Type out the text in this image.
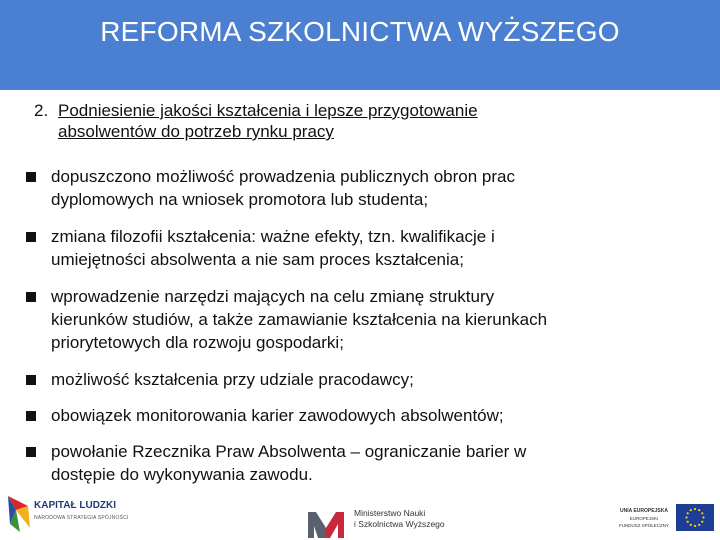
REFORMA SZKOLNICTWA WYŻSZEGO
2. Podniesienie jakości kształcenia i lepsze przygotowanie
absolwentów do potrzeb rynku pracy
dopuszczono możliwość prowadzenia publicznych obron prac
dyplomowych na wniosek promotora lub studenta;
zmiana filozofii kształcenia: ważne efekty, tzn. kwalifikacje i
umiejętności absolwenta a nie sam proces kształcenia;
wprowadzenie narzędzi mających na celu zmianę struktury
kierunków studiów, a także zamawianie kształcenia na kierunkach
priorytetowych dla rozwoju gospodarki;
możliwość kształcenia przy udziale pracodawcy;
obowiązek monitorowania karier zawodowych absolwentów;
powołanie Rzecznika Praw Absolwenta – ograniczanie barier w
dostępie do wykonywania zawodu.
KAPITAŁ LUDZKI
NARODOWA STRATEGIA SPÓJNOŚCI	Ministerstwo Nauki
i Szkolnictwa Wyższego
UNIA EUROPEJSKA
EUROPEJSKI
FUNDUSZ SPOŁECZNY
